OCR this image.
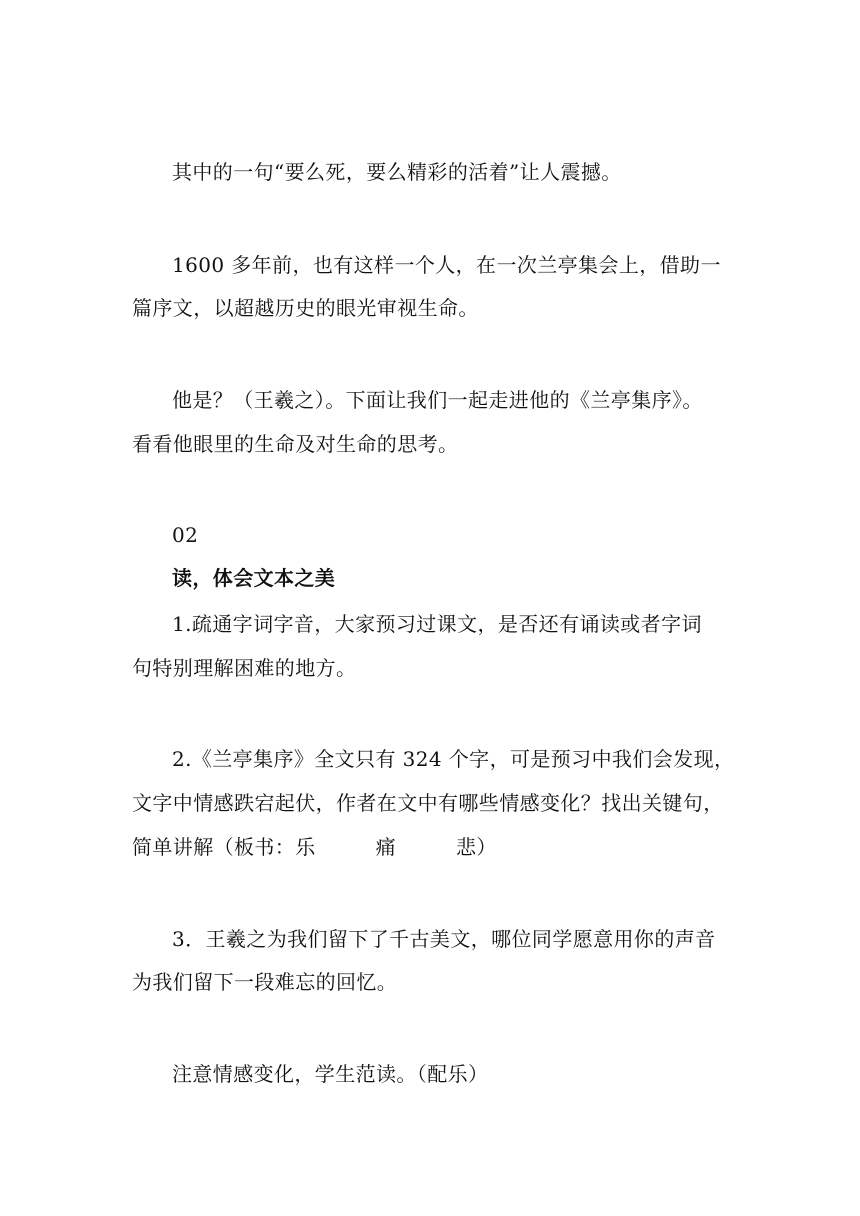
其中的一句“要么死，要么精彩的活着”让人震撼。
1600 多年前，也有这样一个人，在一次兰亭集会上，借助一
篇序文，以超越历史的眼光审视生命。
他是？（王羲之）。下面让我们一起走进他的《兰亭集序》。
看看他眼里的生命及对生命的思考。
02
读，体会文本之美
1.疏通字词字音，大家预习过课文，是否还有诵读或者字词
句特别理解困难的地方。
2.《兰亭集序》全文只有 324 个字，可是预习中我们会发现，
文字中情感跌宕起伏，作者在文中有哪些情感变化？找出关键句，
简单讲解（板书：乐	痛	悲）
3．王羲之为我们留下了千古美文，哪位同学愿意用你的声音
为我们留下一段难忘的回忆。
注意情感变化，学生范读。（配乐）
